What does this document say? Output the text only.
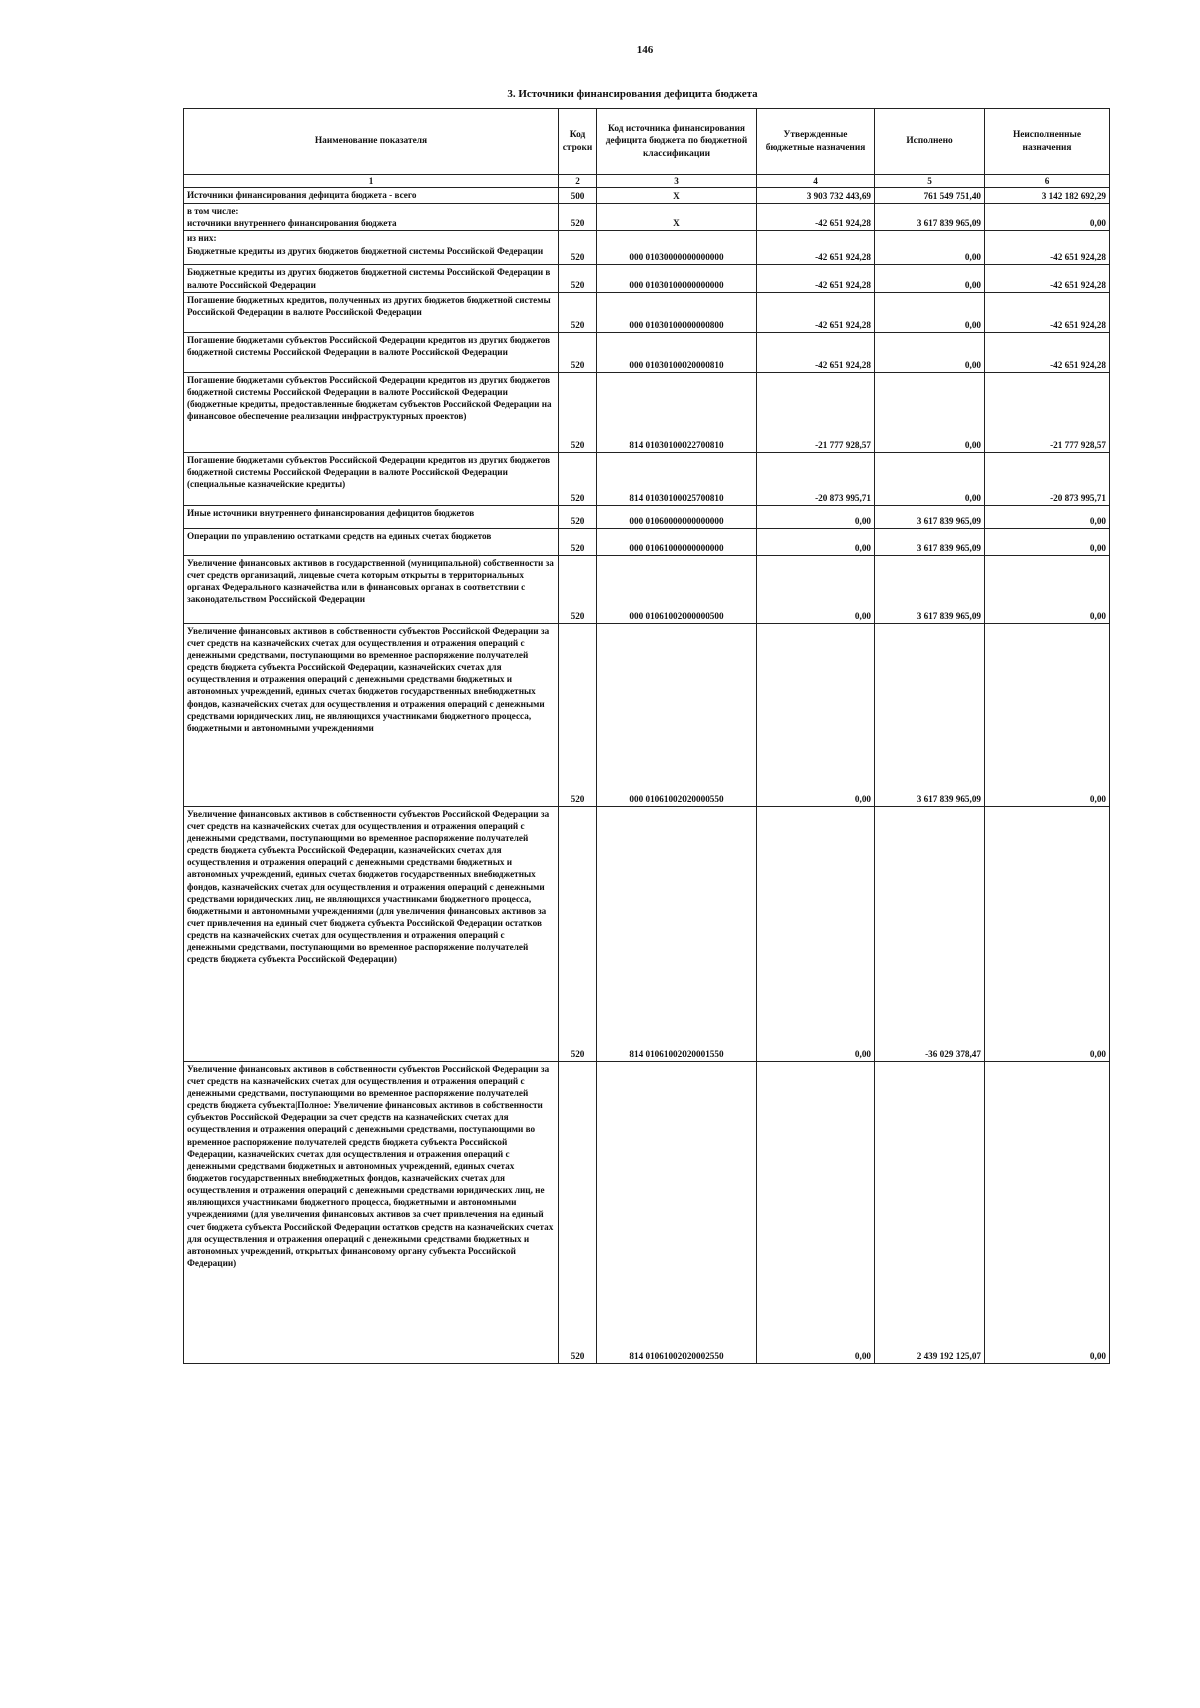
146
3. Источники финансирования дефицита бюджета
Наименование показателя	Код строки	Код источника финансирования дефицита бюджета по бюджетной классификации	Утвержденные бюджетные назначения	Исполнено	Неисполненные назначения
1	2	3	4	5	6
Источники финансирования дефицита бюджета - всего	500	X	3 903 732 443,69	761 549 751,40	3 142 182 692,29
в том числе:
источники внутреннего финансирования бюджета	520	X	-42 651 924,28	3 617 839 965,09	0,00
из них:
Бюджетные кредиты из других бюджетов бюджетной системы Российской Федерации	520	000 01030000000000000	-42 651 924,28	0,00	-42 651 924,28
Бюджетные кредиты из других бюджетов бюджетной системы Российской Федерации в валюте Российской Федерации	520	000 01030100000000000	-42 651 924,28	0,00	-42 651 924,28
Погашение бюджетных кредитов, полученных из других бюджетов бюджетной системы Российской Федерации в валюте Российской Федерации	520	000 01030100000000800	-42 651 924,28	0,00	-42 651 924,28
Погашение бюджетами субъектов Российской Федерации кредитов из других бюджетов бюджетной системы Российской Федерации в валюте Российской Федерации	520	000 01030100020000810	-42 651 924,28	0,00	-42 651 924,28
Погашение бюджетами субъектов Российской Федерации кредитов из других бюджетов бюджетной системы Российской Федерации в валюте Российской Федерации (бюджетные кредиты, предоставленные бюджетам субъектов Российской Федерации на финансовое обеспечение реализации инфраструктурных проектов)	520	814 01030100022700810	-21 777 928,57	0,00	-21 777 928,57
Погашение бюджетами субъектов Российской Федерации кредитов из других бюджетов бюджетной системы Российской Федерации в валюте Российской Федерации (специальные казначейские кредиты)	520	814 01030100025700810	-20 873 995,71	0,00	-20 873 995,71
Иные источники внутреннего финансирования дефицитов бюджетов	520	000 01060000000000000	0,00	3 617 839 965,09	0,00
Операции по управлению остатками средств на единых счетах бюджетов	520	000 01061000000000000	0,00	3 617 839 965,09	0,00
Увеличение финансовых активов в государственной (муниципальной) собственности за счет средств организаций, лицевые счета которым открыты в территориальных органах Федерального казначейства или в финансовых органах в соответствии с законодательством Российской Федерации	520	000 01061002000000500	0,00	3 617 839 965,09	0,00
Увеличение финансовых активов в собственности субъектов Российской Федерации за счет средств на казначейских счетах для осуществления и отражения операций с денежными средствами, поступающими во временное распоряжение получателей средств бюджета субъекта Российской Федерации, казначейских счетах для осуществления и отражения операций с денежными средствами бюджетных и автономных учреждений, единых счетах бюджетов государственных внебюджетных фондов, казначейских счетах для осуществления и отражения операций с денежными средствами юридических лиц, не являющихся участниками бюджетного процесса, бюджетными и автономными учреждениями	520	000 01061002020000550	0,00	3 617 839 965,09	0,00
Увеличение финансовых активов в собственности субъектов Российской Федерации за счет средств на казначейских счетах для осуществления и отражения операций с денежными средствами, поступающими во временное распоряжение получателей средств бюджета субъекта Российской Федерации, казначейских счетах для осуществления и отражения операций с денежными средствами бюджетных и автономных учреждений, единых счетах бюджетов государственных внебюджетных фондов, казначейских счетах для осуществления и отражения операций с денежными средствами юридических лиц, не являющихся участниками бюджетного процесса, бюджетными и автономными учреждениями (для увеличения финансовых активов за счет привлечения на единый счет бюджета субъекта Российской Федерации остатков средств на казначейских счетах для осуществления и отражения операций с денежными средствами, поступающими во временное распоряжение получателей средств бюджета субъекта Российской Федерации)	520	814 01061002020001550	0,00	-36 029 378,47	0,00
Увеличение финансовых активов в собственности субъектов Российской Федерации за счет средств на казначейских счетах для осуществления и отражения операций с денежными средствами, поступающими во временное распоряжение получателей средств бюджета субъекта|Полное: Увеличение финансовых активов в собственности субъектов Российской Федерации за счет средств на казначейских счетах для осуществления и отражения операций с денежными средствами, поступающими во временное распоряжение получателей средств бюджета субъекта Российской Федерации, казначейских счетах для осуществления и отражения операций с денежными средствами бюджетных и автономных учреждений, единых счетах бюджетов государственных внебюджетных фондов, казначейских счетах для осуществления и отражения операций с денежными средствами юридических лиц, не являющихся участниками бюджетного процесса, бюджетными и автономными учреждениями (для увеличения финансовых активов за счет привлечения на единый счет бюджета субъекта Российской Федерации остатков средств на казначейских счетах для осуществления и отражения операций с денежными средствами бюджетных и автономных учреждений, открытых финансовому органу субъекта Российской Федерации)	520	814 01061002020002550	0,00	2 439 192 125,07	0,00
